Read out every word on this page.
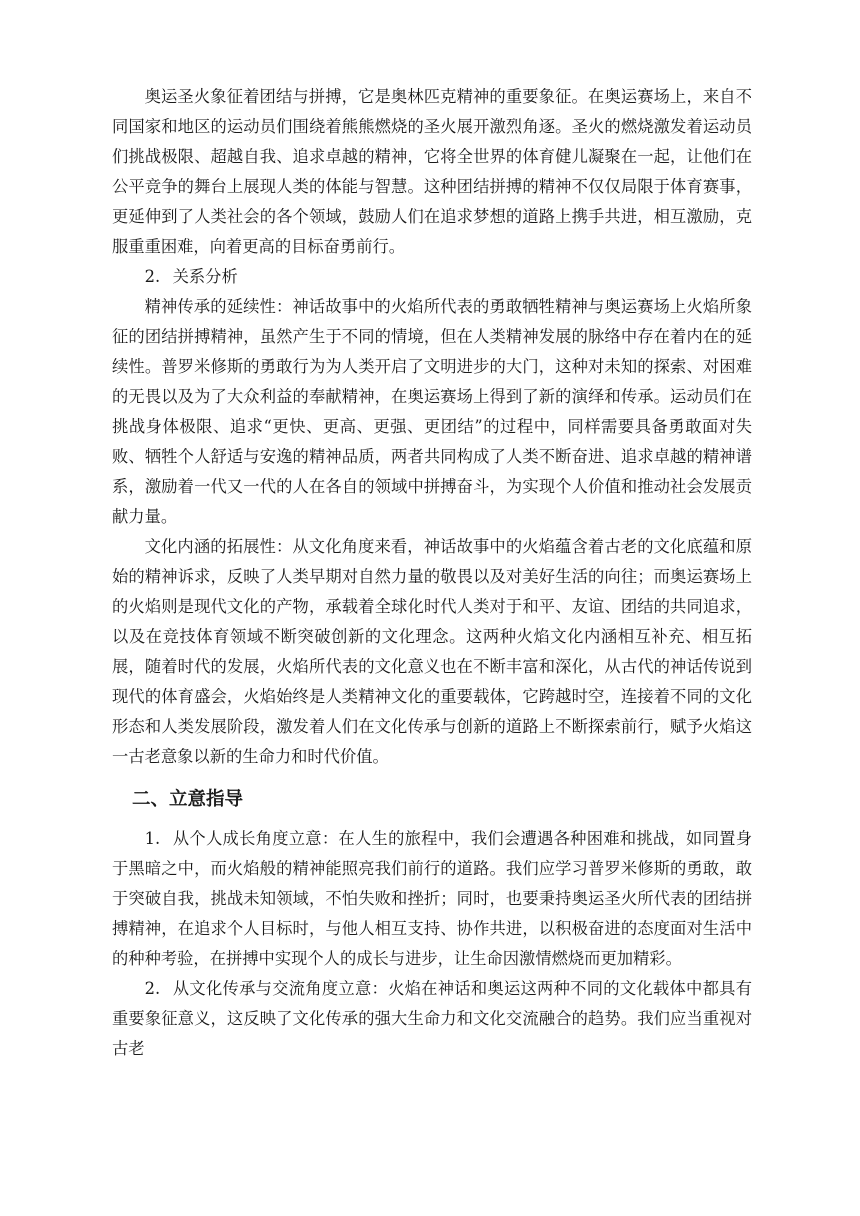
奥运圣火象征着团结与拼搏，它是奥林匹克精神的重要象征。在奥运赛场上，来自不同国家和地区的运动员们围绕着熊熊燃烧的圣火展开激烈角逐。圣火的燃烧激发着运动员们挑战极限、超越自我、追求卓越的精神，它将全世界的体育健儿凝聚在一起，让他们在公平竞争的舞台上展现人类的体能与智慧。这种团结拼搏的精神不仅仅局限于体育赛事，更延伸到了人类社会的各个领域，鼓励人们在追求梦想的道路上携手共进，相互激励，克服重重困难，向着更高的目标奋勇前行。

2. 关系分析

精神传承的延续性：神话故事中的火焰所代表的勇敢牺牲精神与奥运赛场上火焰所象征的团结拼搏精神，虽然产生于不同的情境，但在人类精神发展的脉络中存在着内在的延续性。普罗米修斯的勇敢行为为人类开启了文明进步的大门，这种对未知的探索、对困难的无畏以及为了大众利益的奉献精神，在奥运赛场上得到了新的演绎和传承。运动员们在挑战身体极限、追求“更快、更高、更强、更团结”的过程中，同样需要具备勇敢面对失败、牺牲个人舒适与安逸的精神品质，两者共同构成了人类不断奋进、追求卓越的精神谱系，激励着一代又一代的人在各自的领域中拼搏奋斗，为实现个人价值和推动社会发展贡献力量。

文化内涵的拓展性：从文化角度来看，神话故事中的火焰蕴含着古老的文化底蕴和原始的精神诉求，反映了人类早期对自然力量的敬畏以及对美好生活的向往；而奥运赛场上的火焰则是现代文化的产物，承载着全球化时代人类对于和平、友谊、团结的共同追求，以及在竞技体育领域不断突破创新的文化理念。这两种火焰文化内涵相互补充、相互拓展，随着时代的发展，火焰所代表的文化意义也在不断丰富和深化，从古代的神话传说到现代的体育盛会，火焰始终是人类精神文化的重要载体，它跨越时空，连接着不同的文化形态和人类发展阶段，激发着人们在文化传承与创新的道路上不断探索前行，赋予火焰这一古老意象以新的生命力和时代价值。

二、立意指导

1. 从个人成长角度立意：在人生的旅程中，我们会遭遇各种困难和挑战，如同置身于黑暗之中，而火焰般的精神能照亮我们前行的道路。我们应学习普罗米修斯的勇敢，敢于突破自我，挑战未知领域，不怕失败和挫折；同时，也要秉持奥运圣火所代表的团结拼搏精神，在追求个人目标时，与他人相互支持、协作共进，以积极奋进的态度面对生活中的种种考验，在拼搏中实现个人的成长与进步，让生命因激情燃烧而更加精彩。

2. 从文化传承与交流角度立意：火焰在神话和奥运这两种不同的文化载体中都具有重要象征意义，这反映了文化传承的强大生命力和文化交流融合的趋势。我们应当重视对古老
